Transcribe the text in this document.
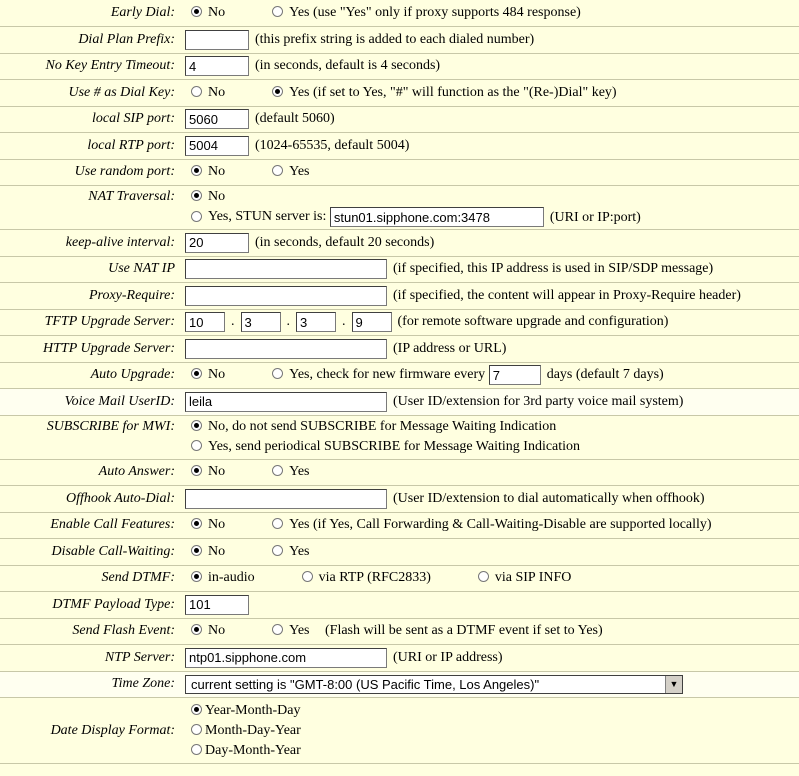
Early Dial:	No Yes (use "Yes" only if proxy supports 484 response)
Dial Plan Prefix:	(this prefix string is added to each dialed number)
No Key Entry Timeout:	4(in seconds, default is 4 seconds)
Use # as Dial Key:	No Yes (if set to Yes, "#" will function as the "(Re-)Dial" key)
local SIP port:	5060(default 5060)
local RTP port:	5004(1024-65535, default 5004)
Use random port:	No Yes
NAT Traversal:	No
Yes, STUN server is: stun01.sipphone.com:3478 (URI or IP:port)

keep-alive interval:	20(in seconds, default 20 seconds)
Use NAT IP	(if specified, this IP address is used in SIP/SDP message)
Proxy-Require:	(if specified, the content will appear in Proxy-Require header)
TFTP Upgrade Server:	10.3 .3 .9 (for remote software upgrade and configuration)
HTTP Upgrade Server:	(IP address or URL)
Auto Upgrade:	No Yes, check for new firmware every 7 days (default 7 days)
Voice Mail UserID:	leila(User ID/extension for 3rd party voice mail system)
SUBSCRIBE for MWI:	No, do not send SUBSCRIBE for Message Waiting Indication
Yes, send periodical SUBSCRIBE for Message Waiting Indication

Auto Answer:	No Yes
Offhook Auto-Dial:	(User ID/extension to dial automatically when offhook)
Enable Call Features:	No Yes (if Yes, Call Forwarding & Call-Waiting-Disable are supported locally)
Disable Call-Waiting:	No Yes
Send DTMF:	in-audio via RTP (RFC2833) via SIP INFO
DTMF Payload Type:	101
Send Flash Event:	No Yes (Flash will be sent as a DTMF event if set to Yes)
NTP Server:	ntp01.sipphone.com(URI or IP address)
Time Zone:	current setting is "GMT-8:00 (US Pacific Time, Los Angeles)" ▼

Date Display Format:	Year-Month-Day
Month-Day-Year
Day-Month-Year
